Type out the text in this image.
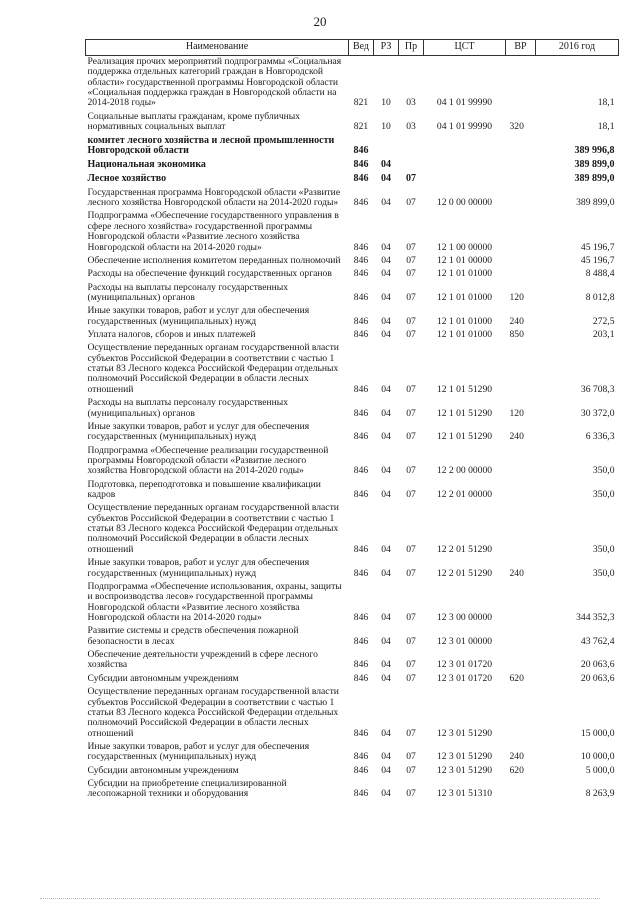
20
Наименование	Вед	РЗ	Пр	ЦСТ	ВР	2016 год
Реализация прочих мероприятий подпрограммы «Социальная поддержка отдельных категорий граждан в Новгородской области» государственной программы Новгородской области «Социальная поддержка граждан в Новгородской области на 2014-2018 годы»	821	10	03	04 1 01 99990		18,1
Социальные выплаты гражданам, кроме публичных нормативных социальных выплат	821	10	03	04 1 01 99990	320	18,1
комитет лесного хозяйства и лесной промышленности Новгородской области	846					389 996,8
Национальная экономика	846	04				389 899,0
Лесное хозяйство	846	04	07			389 899,0
Государственная программа Новгородской области «Развитие лесного хозяйства Новгородской области на 2014-2020 годы»	846	04	07	12 0 00 00000		389 899,0
Подпрограмма «Обеспечение государственного управления в сфере лесного хозяйства» государственной программы Новгородской области «Развитие лесного хозяйства Новгородской области на 2014-2020 годы»	846	04	07	12 1 00 00000		45 196,7
Обеспечение исполнения комитетом переданных полномочий	846	04	07	12 1 01 00000		45 196,7
Расходы на обеспечение функций государственных органов	846	04	07	12 1 01 01000		8 488,4
Расходы на выплаты персоналу государственных (муниципальных) органов	846	04	07	12 1 01 01000	120	8 012,8
Иные закупки товаров, работ и услуг для обеспечения государственных (муниципальных) нужд	846	04	07	12 1 01 01000	240	272,5
Уплата налогов, сборов и иных платежей	846	04	07	12 1 01 01000	850	203,1
Осуществление переданных органам государственной власти субъектов Российской Федерации в соответствии с частью 1 статьи 83 Лесного кодекса Российской Федерации отдельных полномочий Российской Федерации в области лесных отношений	846	04	07	12 1 01 51290		36 708,3
Расходы на выплаты персоналу государственных (муниципальных) органов	846	04	07	12 1 01 51290	120	30 372,0
Иные закупки товаров, работ и услуг для обеспечения государственных (муниципальных) нужд	846	04	07	12 1 01 51290	240	6 336,3
Подпрограмма «Обеспечение реализации государственной программы Новгородской области «Развитие лесного хозяйства Новгородской области на 2014-2020 годы»	846	04	07	12 2 00 00000		350,0
Подготовка, переподготовка и повышение квалификации кадров	846	04	07	12 2 01 00000		350,0
Осуществление переданных органам государственной власти субъектов Российской Федерации в соответствии с частью 1 статьи 83 Лесного кодекса Российской Федерации отдельных полномочий Российской Федерации в области лесных отношений	846	04	07	12 2 01 51290		350,0
Иные закупки товаров, работ и услуг для обеспечения государственных (муниципальных) нужд	846	04	07	12 2 01 51290	240	350,0
Подпрограмма «Обеспечение использования, охраны, защиты и воспроизводства лесов» государственной программы Новгородской области «Развитие лесного хозяйства Новгородской области на 2014-2020 годы»	846	04	07	12 3 00 00000		344 352,3
Развитие системы и средств обеспечения пожарной безопасности в лесах	846	04	07	12 3 01 00000		43 762,4
Обеспечение деятельности учреждений в сфере лесного хозяйства	846	04	07	12 3 01 01720		20 063,6
Субсидии автономным учреждениям	846	04	07	12 3 01 01720	620	20 063,6
Осуществление переданных органам государственной власти субъектов Российской Федерации в соответствии с частью 1 статьи 83 Лесного кодекса Российской Федерации отдельных полномочий Российской Федерации в области лесных отношений	846	04	07	12 3 01 51290		15 000,0
Иные закупки товаров, работ и услуг для обеспечения государственных (муниципальных) нужд	846	04	07	12 3 01 51290	240	10 000,0
Субсидии автономным учреждениям	846	04	07	12 3 01 51290	620	5 000,0
Субсидии на приобретение специализированной лесопожарной техники и оборудования	846	04	07	12 3 01 51310		8 263,9
